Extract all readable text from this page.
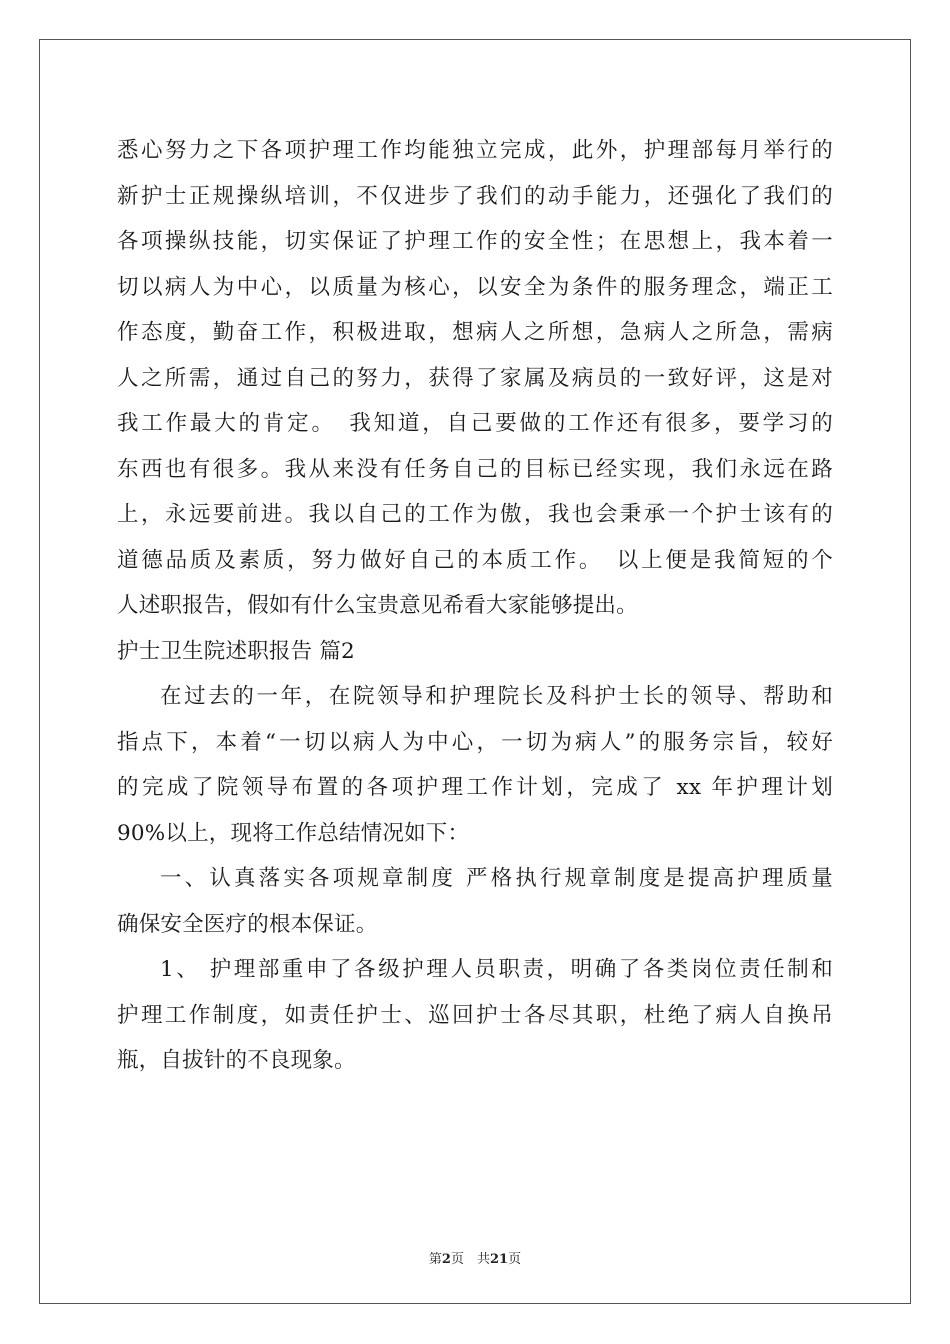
悉心努力之下各项护理工作均能独立完成，此外，护理部每月举行的
新护士正规操纵培训，不仅进步了我们的动手能力，还强化了我们的
各项操纵技能，切实保证了护理工作的安全性；在思想上，我本着一
切以病人为中心，以质量为核心，以安全为条件的服务理念，端正工
作态度，勤奋工作，积极进取，想病人之所想，急病人之所急，需病
人之所需，通过自己的努力，获得了家属及病员的一致好评，这是对
我工作最大的肯定。　我知道，自己要做的工作还有很多，要学习的
东西也有很多。我从来没有任务自己的目标已经实现，我们永远在路
上，永远要前进。我以自己的工作为傲，我也会秉承一个护士该有的
道德品质及素质，努力做好自己的本质工作。　以上便是我简短的个
人述职报告，假如有什么宝贵意见希看大家能够提出。
护士卫生院述职报告 篇2
在过去的一年，在院领导和护理院长及科护士长的领导、帮助和
指点下，本着“一切以病人为中心，一切为病人”的服务宗旨，较好
的完成了院领导布置的各项护理工作计划，完成了 xx 年护理计划
90%以上，现将工作总结情况如下：
一、认真落实各项规章制度 严格执行规章制度是提高护理质量
确保安全医疗的根本保证。
1、 护理部重申了各级护理人员职责，明确了各类岗位责任制和
护理工作制度，如责任护士、巡回护士各尽其职，杜绝了病人自换吊
瓶，自拔针的不良现象。
第2页　共21页
